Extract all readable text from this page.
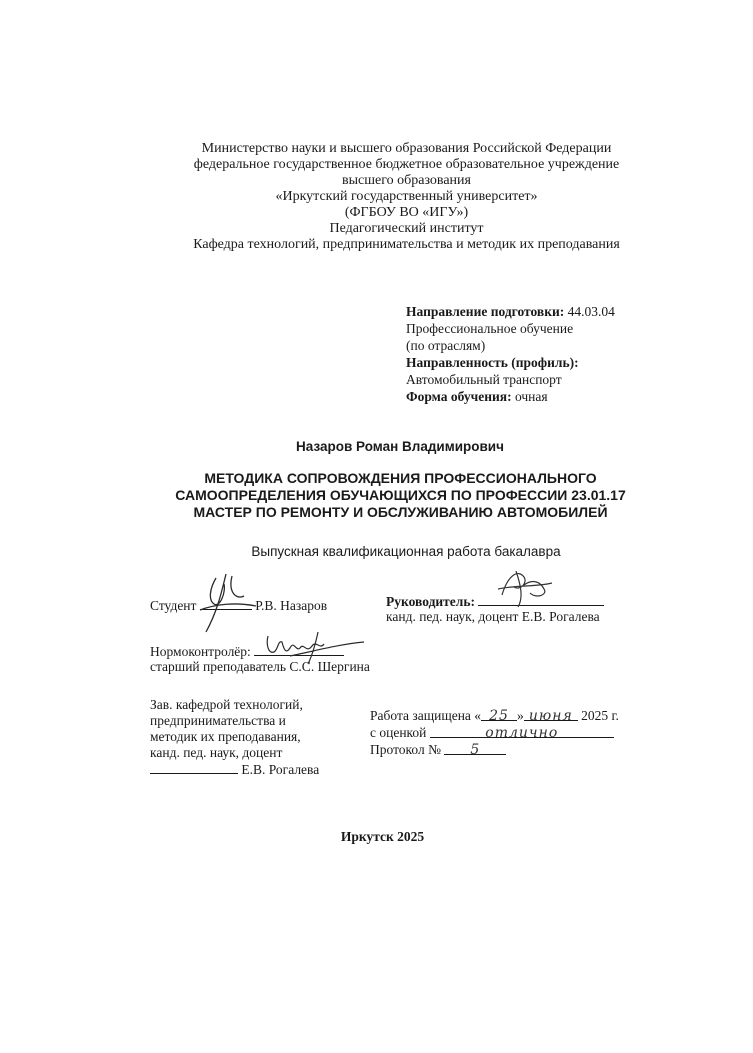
Министерство науки и высшего образования Российской Федерации
федеральное государственное бюджетное образовательное учреждение
высшего образования
«Иркутский государственный университет»
(ФГБОУ ВО «ИГУ»)
Педагогический институт
Кафедра технологий, предпринимательства и методик их преподавания
Направление подготовки: 44.03.04
Профессиональное обучение
(по отраслям)
Направленность (профиль):
Автомобильный транспорт
Форма обучения: очная
Назаров Роман Владимирович
МЕТОДИКА СОПРОВОЖДЕНИЯ ПРОФЕССИОНАЛЬНОГО
САМООПРЕДЕЛЕНИЯ ОБУЧАЮЩИХСЯ ПО ПРОФЕССИИ 23.01.17
МАСТЕР ПО РЕМОНТУ И ОБСЛУЖИВАНИЮ АВТОМОБИЛЕЙ
Выпускная квалификационная работа бакалавра
Студент	Р.В. Назаров	Руководитель:
канд. пед. наук, доцент Е.В. Рогалева
Нормоконтролёр:
старший преподаватель С.С. Шергина
Зав. кафедрой технологий,
предпринимательства и
методик их преподавания,
канд. пед. наук, доцент
Е.В. Рогалева
Работа защищена « 25 » июня 2025 г.
с оценкой	отлично
Протокол № 5
Иркутск 2025
